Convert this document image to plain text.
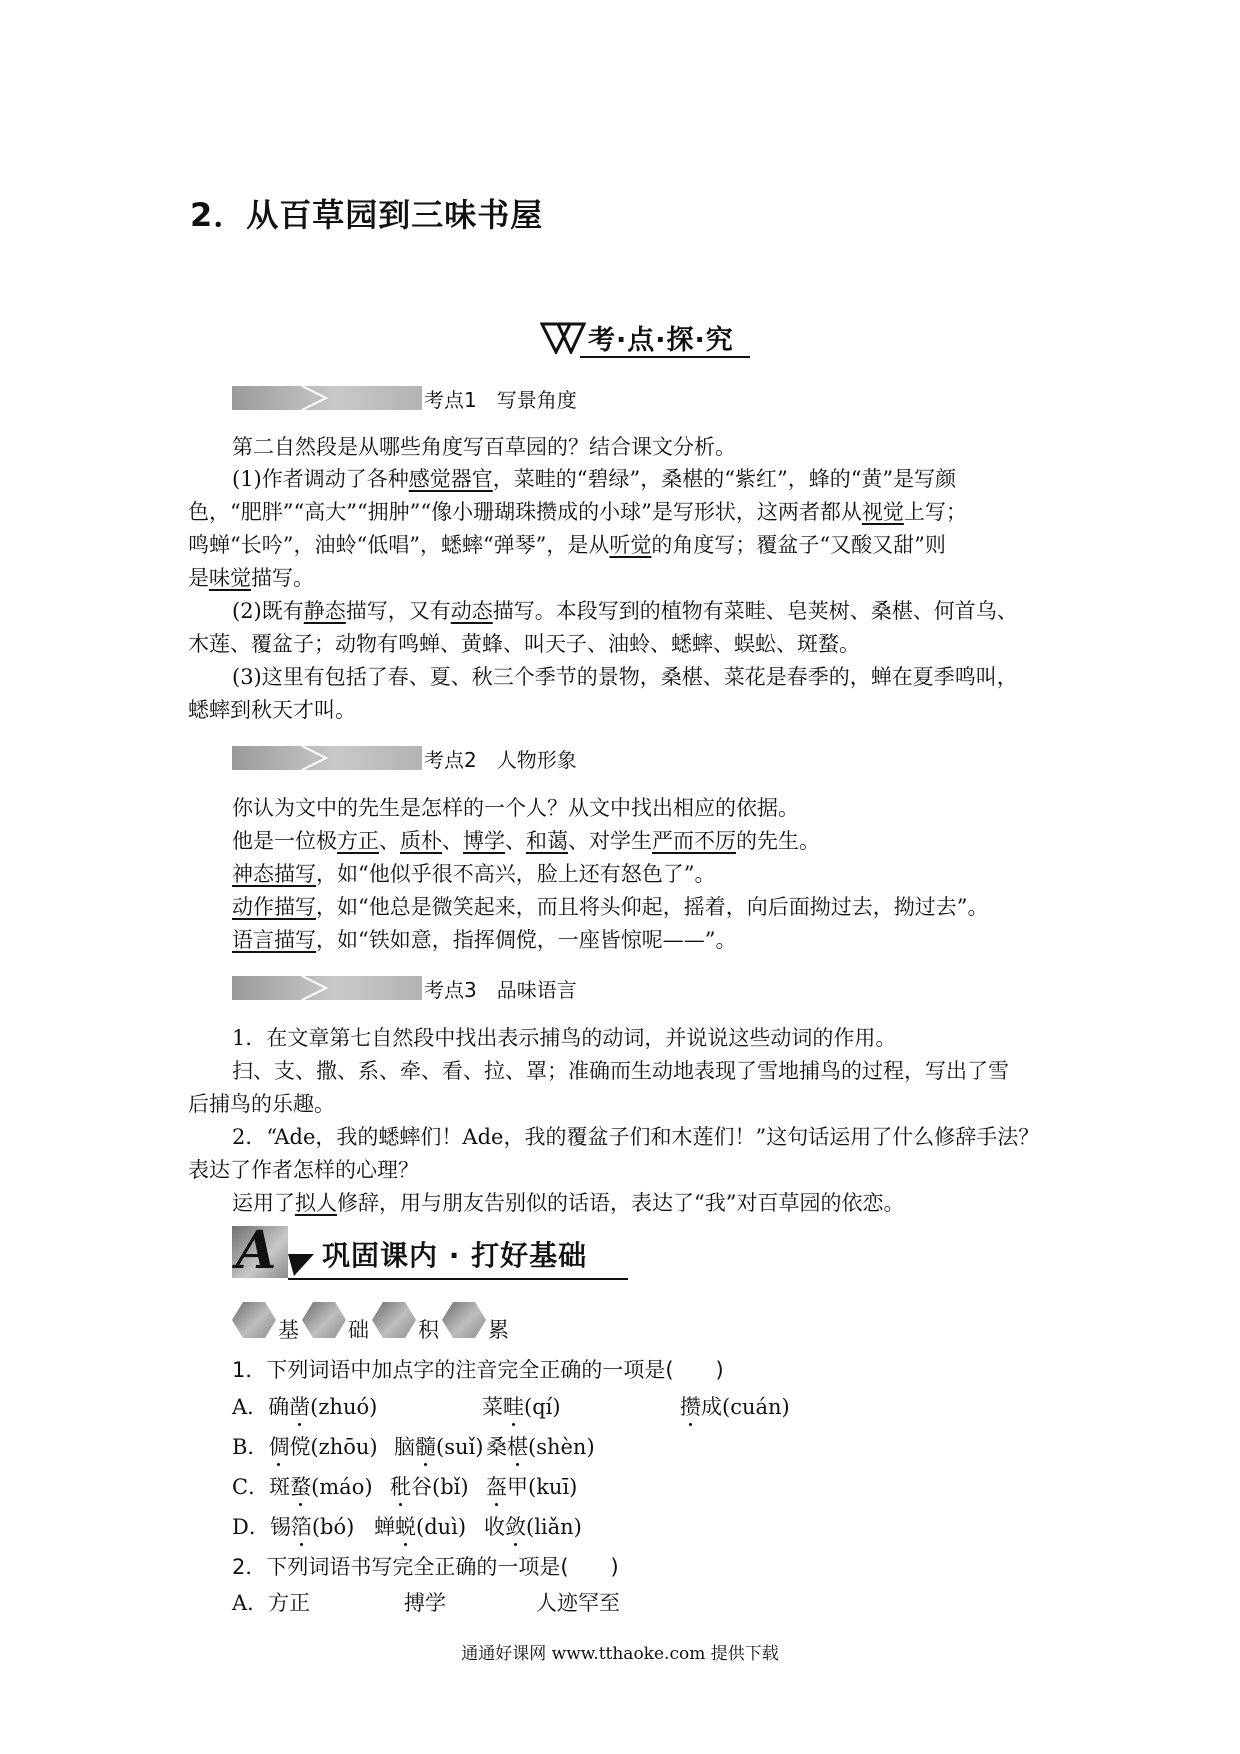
2．从百草园到三味书屋
考·点·探·究
考点1　写景角度
第二自然段是从哪些角度写百草园的？结合课文分析。
(1)作者调动了各种感觉器官，菜畦的“碧绿”，桑椹的“紫红”，蜂的“黄”是写颜
色，“肥胖”“高大”“拥肿”“像小珊瑚珠攒成的小球”是写形状，这两者都从视觉上写；
鸣蝉“长吟”，油蛉“低唱”，蟋蟀“弹琴”，是从听觉的角度写；覆盆子“又酸又甜”则
是味觉描写。
(2)既有静态描写，又有动态描写。本段写到的植物有菜畦、皂荚树、桑椹、何首乌、
木莲、覆盆子；动物有鸣蝉、黄蜂、叫天子、油蛉、蟋蟀、蜈蚣、斑蝥。
(3)这里有包括了春、夏、秋三个季节的景物，桑椹、菜花是春季的，蝉在夏季鸣叫，
蟋蟀到秋天才叫。
考点2　人物形象
你认为文中的先生是怎样的一个人？从文中找出相应的依据。
他是一位极方正、质朴、博学、和蔼、对学生严而不厉的先生。
神态描写，如“他似乎很不高兴，脸上还有怒色了”。
动作描写，如“他总是微笑起来，而且将头仰起，摇着，向后面拗过去，拗过去”。
语言描写，如“铁如意，指挥倜傥，一座皆惊呢——”。
考点3　品味语言
1．在文章第七自然段中找出表示捕鸟的动词，并说说这些动词的作用。
扫、支、撒、系、牵、看、拉、罩；准确而生动地表现了雪地捕鸟的过程，写出了雪
后捕鸟的乐趣。
2．“Ade，我的蟋蟀们！Ade，我的覆盆子们和木莲们！”这句话运用了什么修辞手法？
表达了作者怎样的心理？
运用了拟人修辞，用与朋友告别似的话语，表达了“我”对百草园的依恋。
A 巩固课内 · 打好基础
基 础 积 累
1．下列词语中加点字的注音完全正确的一项是(　　)
A．确凿(zhuó)	菜畦(qí)	攒成(cuán)
B．倜傥(zhōu) 脑髓(suǐ) 桑椹(shèn)
C．斑蝥(máo) 秕谷(bǐ) 盔甲(kuī)
D．锡箔(bó) 蝉蜕(duì) 收敛(liǎn)
2．下列词语书写完全正确的一项是(　　)
A．方正	搏学	人迹罕至
通通好课网 www.tthaoke.com 提供下载
